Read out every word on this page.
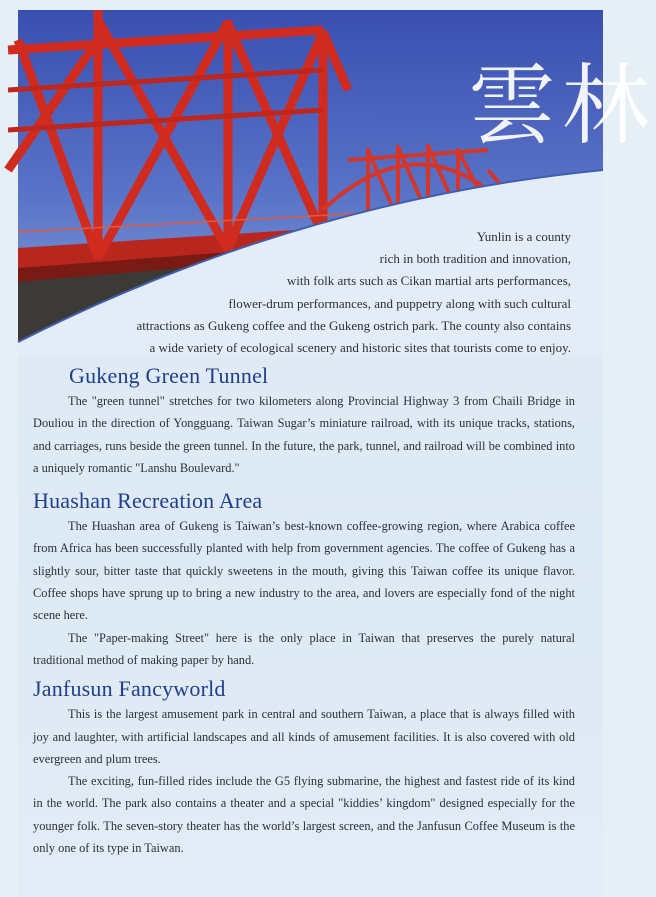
雲林
Yunlin is a county
rich in both tradition and innovation,
with folk arts such as Cikan martial arts performances,
flower-drum performances, and puppetry along with such cultural
attractions as Gukeng coffee and the Gukeng ostrich park. The county also contains
a wide variety of ecological scenery and historic sites that tourists come to enjoy.
Gukeng Green Tunnel

The "green tunnel" stretches for two kilometers along Provincial Highway 3 from Chaili Bridge in Douliou in the direction of Yongguang. Taiwan Sugar’s miniature railroad, with its unique tracks, stations, and carriages, runs beside the green tunnel. In the future, the park, tunnel, and railroad will be combined into a uniquely romantic "Lanshu Boulevard."

Huashan Recreation Area

The Huashan area of Gukeng is Taiwan’s best-known coffee-growing region, where Arabica coffee from Africa has been successfully planted with help from government agencies. The coffee of Gukeng has a slightly sour, bitter taste that quickly sweetens in the mouth, giving this Taiwan coffee its unique flavor. Coffee shops have sprung up to bring a new industry to the area, and lovers are especially fond of the night scene here.

The "Paper-making Street" here is the only place in Taiwan that preserves the purely natural traditional method of making paper by hand.

Janfusun Fancyworld

This is the largest amusement park in central and southern Taiwan, a place that is always filled with joy and laughter, with artificial landscapes and all kinds of amusement facilities. It is also covered with old evergreen and plum trees.

The exciting, fun-filled rides include the G5 flying submarine, the highest and fastest ride of its kind in the world. The park also contains a theater and a special "kiddies’ kingdom" designed especially for the younger folk. The seven-story theater has the world’s largest screen, and the Janfusun Coffee Museum is the only one of its type in Taiwan.
